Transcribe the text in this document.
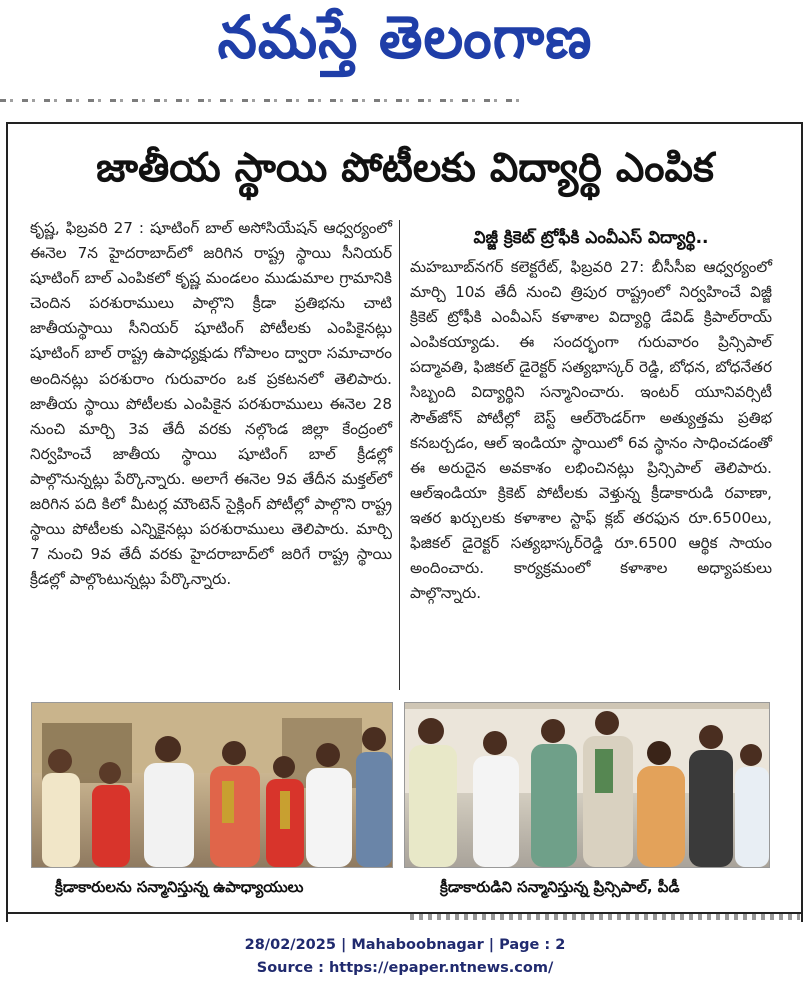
నమస్తే తెలంగాణ
జాతీయ స్థాయి పోటీలకు విద్యార్థి ఎంపిక
కృష్ణ, ఫిబ్రవరి 27 : షూటింగ్ బాల్ అసోసియేషన్ ఆధ్వర్యంలో ఈనెల 7న హైదరాబాద్‌లో జరిగిన రాష్ట్ర స్థాయి సీనియర్ షూటింగ్ బాల్ ఎంపికలో కృష్ణ మండలం ముడుమాల గ్రామానికి చెందిన పరశురాములు పాల్గొని క్రీడా ప్రతిభను చాటి జాతీయస్థాయి సీనియర్ షూటింగ్ పోటీలకు ఎంపికైనట్లు షూటింగ్ బాల్ రాష్ట్ర ఉపాధ్యక్షుడు గోపాలం ద్వారా సమాచారం అందినట్లు పరశురాం గురువారం ఒక ప్రకటనలో తెలిపారు. జాతీయ స్థాయి పోటీలకు ఎంపికైన పరశురాములు ఈనెల 28 నుంచి మార్చి 3వ తేదీ వరకు నల్గొండ జిల్లా కేంద్రంలో నిర్వహించే జాతీయ స్థాయి షూటింగ్ బాల్ క్రీడల్లో పాల్గొనున్నట్లు పేర్కొన్నారు. అలాగే ఈనెల 9వ తేదీన మక్తల్‌లో జరిగిన పది కిలో మీటర్ల మౌంటెన్ సైక్లింగ్ పోటీల్లో పాల్గొని రాష్ట్ర స్థాయి పోటీలకు ఎన్నికైనట్లు పరశురాములు తెలిపారు. మార్చి 7 నుంచి 9వ తేదీ వరకు హైదరాబాద్‌లో జరిగే రాష్ట్ర స్థాయి క్రీడల్లో పాల్గొంటున్నట్లు పేర్కొన్నారు.
విజ్జీ క్రికెట్ ట్రోఫీకి ఎంవీఎస్ విద్యార్థి..
మహబూబ్‌నగర్ కలెక్టరేట్, ఫిబ్రవరి 27: బీసీసీఐ ఆధ్వర్యంలో మార్చి 10వ తేదీ నుంచి త్రిపుర రాష్ట్రంలో నిర్వహించే విజ్జీ క్రికెట్ ట్రోఫీకి ఎంవీఎస్ కళాశాల విద్యార్థి డేవిడ్ క్రిపాల్‌రాయ్ ఎంపికయ్యాడు. ఈ సందర్భంగా గురువారం ప్రిన్సిపాల్ పద్మావతి, ఫిజికల్ డైరెక్టర్ సత్యభాస్కర్ రెడ్డి, బోధన, బోధనేతర సిబ్బంది విద్యార్థిని సన్మానించారు. ఇంటర్ యూనివర్సిటీ సౌత్‌జోన్ పోటీల్లో బెస్ట్ ఆల్‌రౌండర్‌గా అత్యుత్తమ ప్రతిభ కనబర్చడం, ఆల్ ఇండియా స్థాయిలో 6వ స్థానం సాధించడంతో ఈ అరుదైన అవకాశం లభించినట్లు ప్రిన్సిపాల్ తెలిపారు. ఆల్‌ఇండియా క్రికెట్ పోటీలకు వెళ్తున్న క్రీడాకారుడి రవాణా, ఇతర ఖర్చులకు కళాశాల స్టాఫ్ క్లబ్ తరఫున రూ.6500లు, ఫిజికల్ డైరెక్టర్ సత్యభాస్కర్‌రెడ్డి రూ.6500 ఆర్థిక సాయం అందించారు. కార్యక్రమంలో కళాశాల అధ్యాపకులు పాల్గొన్నారు.
క్రీడాకారులను సన్మానిస్తున్న ఉపాధ్యాయులు	క్రీడాకారుడిని సన్మానిస్తున్న ప్రిన్సిపాల్, పీడీ
28/02/2025 | Mahaboobnagar | Page : 2
Source : https://epaper.ntnews.com/
